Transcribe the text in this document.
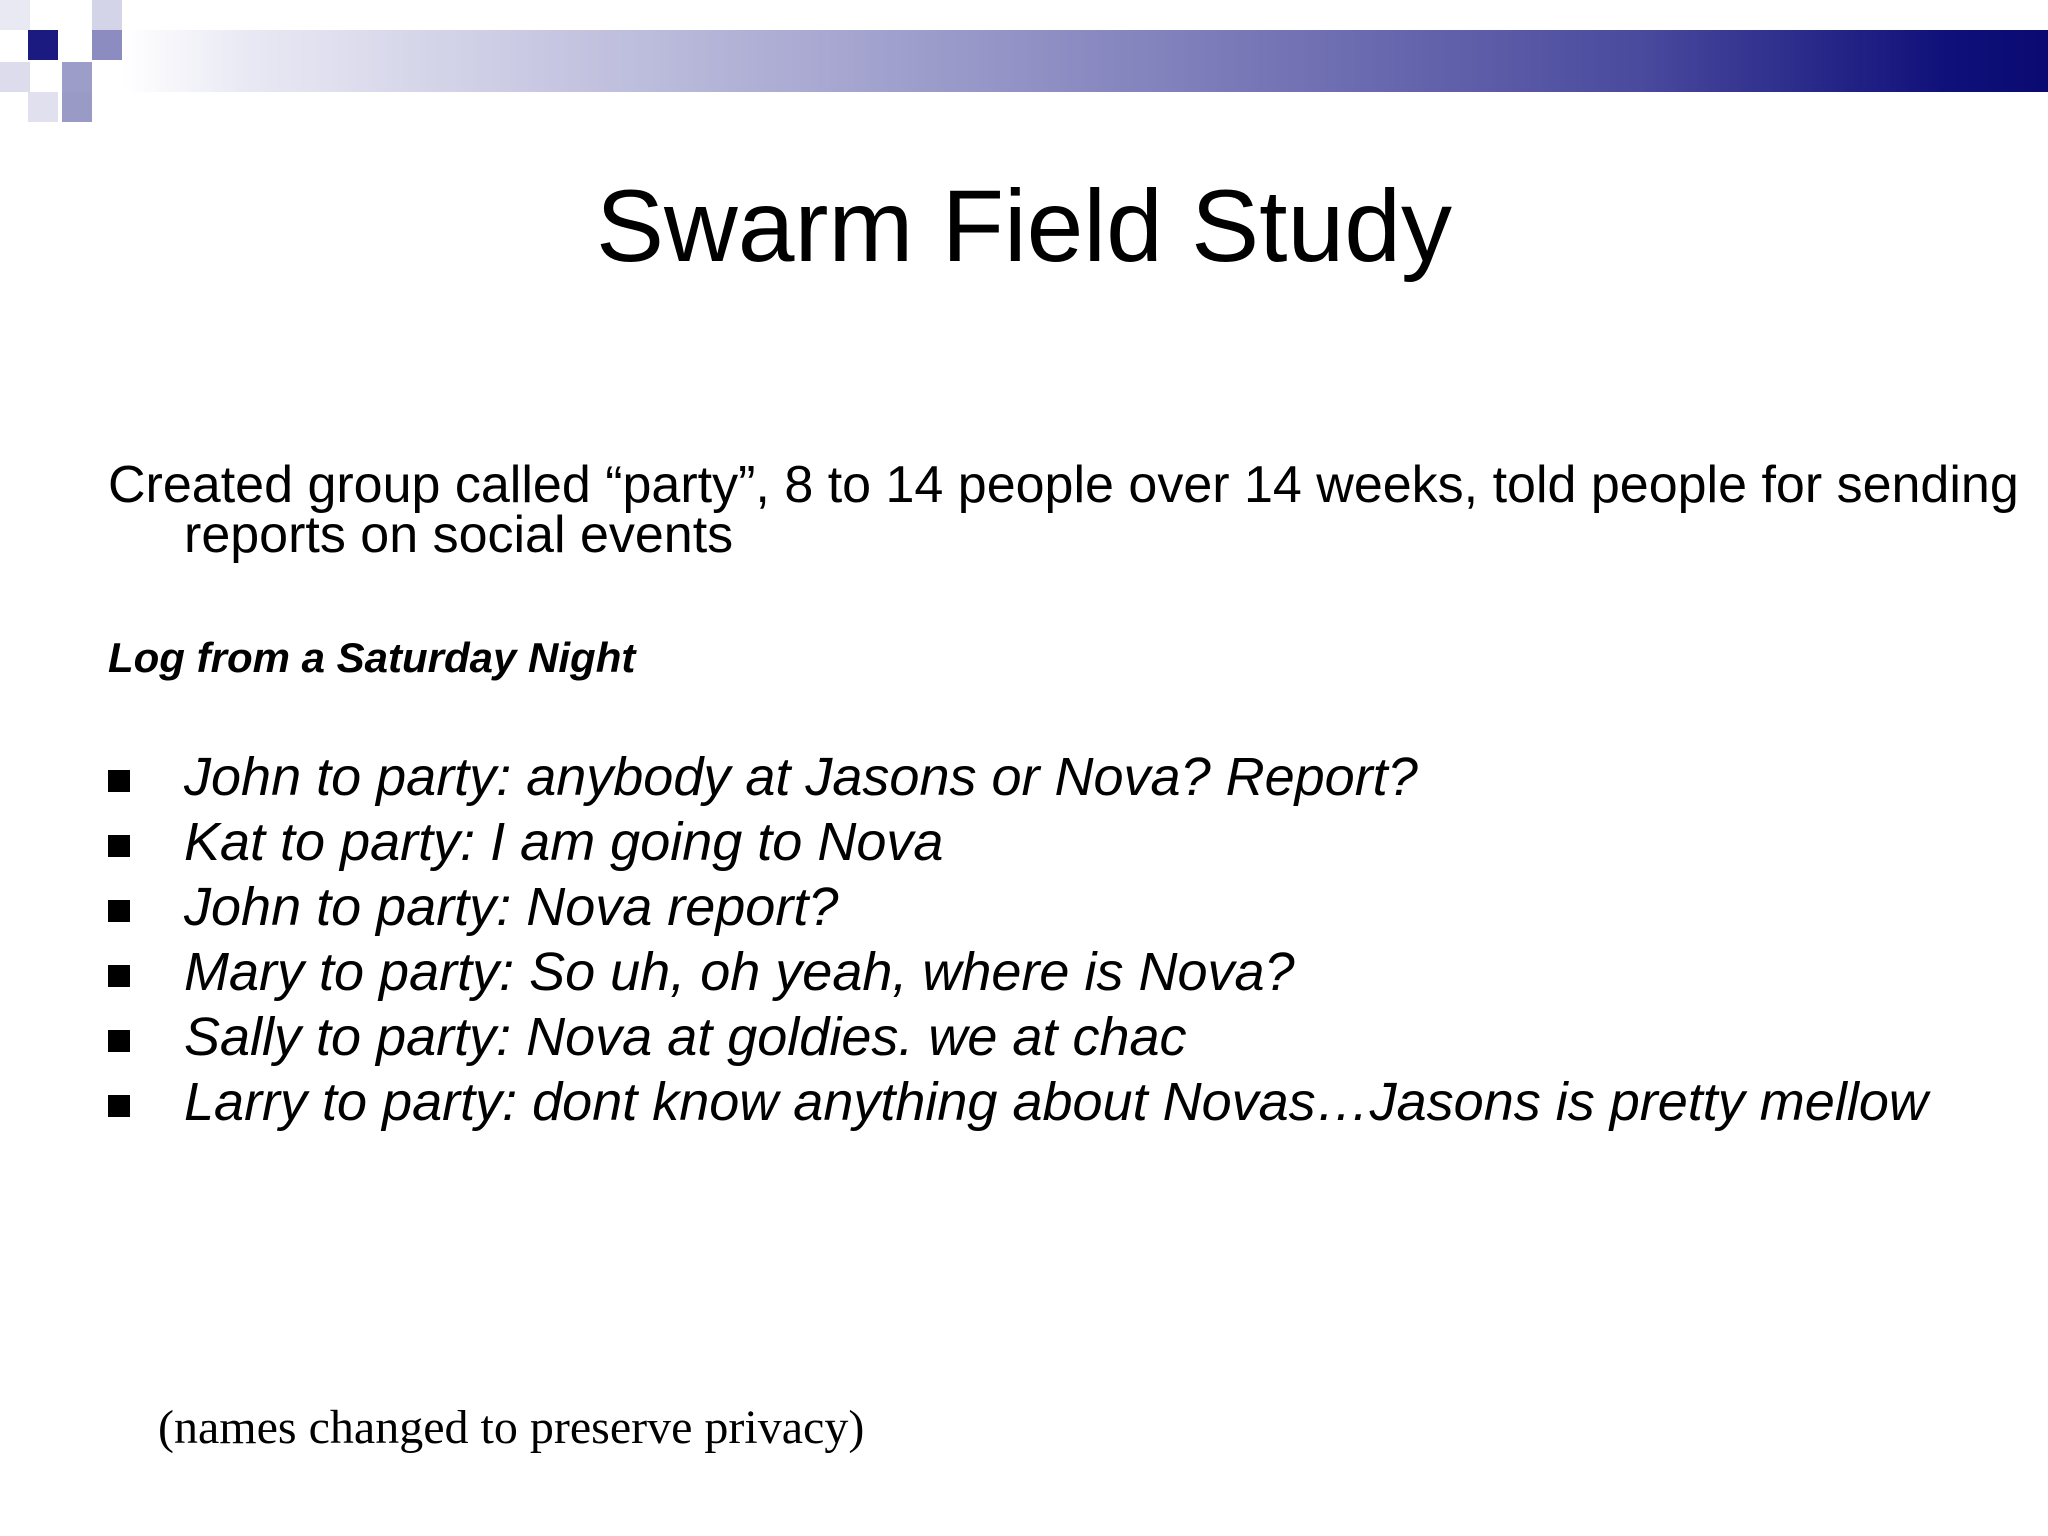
Swarm Field Study
Created group called “party”, 8 to 14 people over 14 weeks, told people for sending reports on social events
Log from a Saturday Night
John to party: anybody at Jasons or Nova? Report?
Kat to party: I am going to Nova
John to party: Nova report?
Mary to party: So uh, oh yeah, where is Nova?
Sally to party: Nova at goldies. we at chac
Larry to party: dont know anything about Novas…Jasons is pretty mellow
(names changed to preserve privacy)
